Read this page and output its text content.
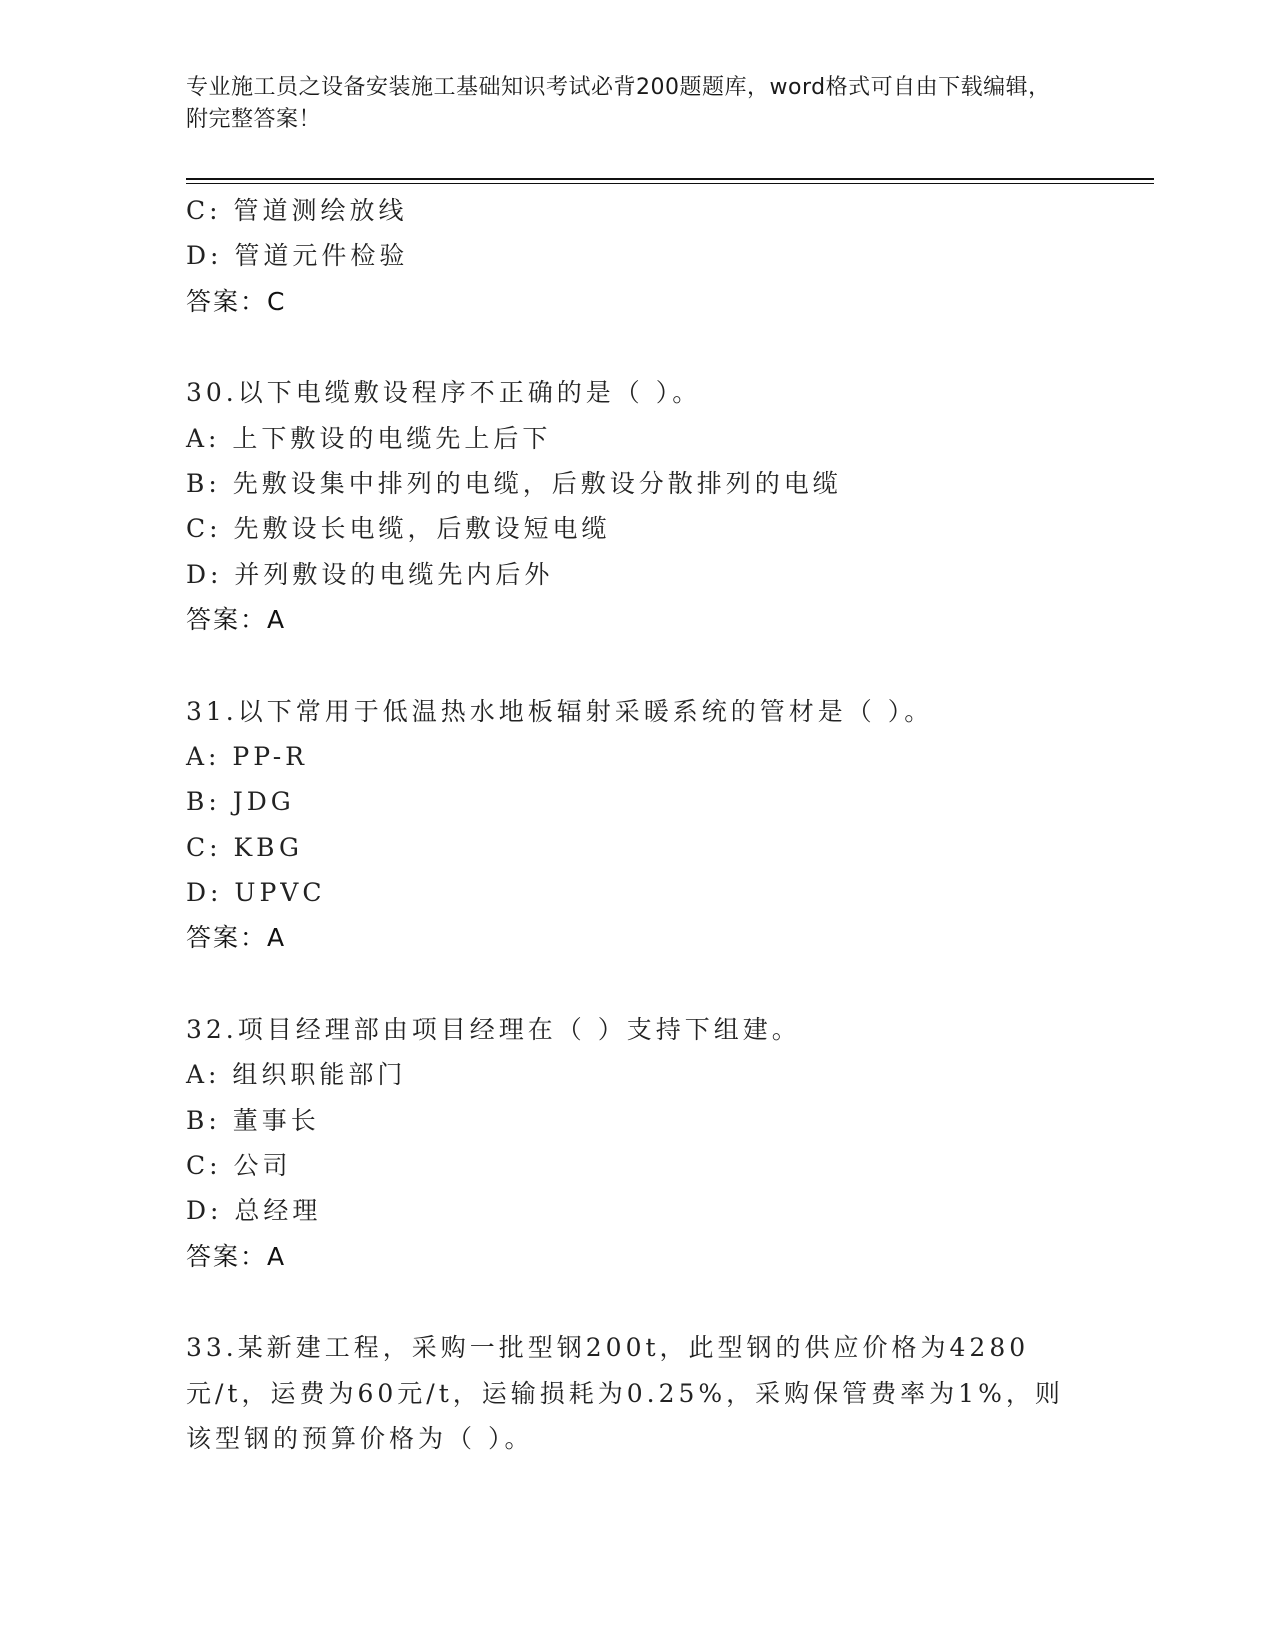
专业施工员之设备安装施工基础知识考试必背200题题库，word格式可自由下载编辑，附完整答案！
C: 管道测绘放线
D: 管道元件检验
答案：C
30.以下电缆敷设程序不正确的是（ ）。
A: 上下敷设的电缆先上后下
B: 先敷设集中排列的电缆，后敷设分散排列的电缆
C: 先敷设长电缆，后敷设短电缆
D: 并列敷设的电缆先内后外
答案：A
31.以下常用于低温热水地板辐射采暖系统的管材是（ ）。
A: PP-R
B: JDG
C: KBG
D: UPVC
答案：A
32.项目经理部由项目经理在（ ）支持下组建。
A: 组织职能部门
B: 董事长
C: 公司
D: 总经理
答案：A
33.某新建工程，采购一批型钢200t，此型钢的供应价格为4280元/t，运费为60元/t，运输损耗为0.25%，采购保管费率为1%，则该型钢的预算价格为（ ）。
